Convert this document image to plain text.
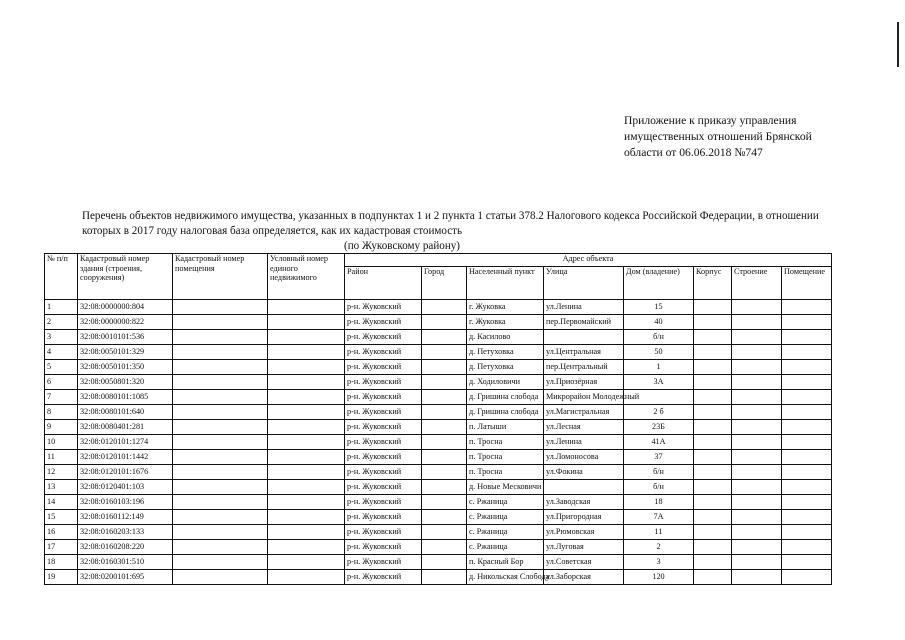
Приложение к приказу управления
имущественных отношений Брянской
области от 06.06.2018 №747
Перечень объектов недвижимого имущества, указанных в подпунктах 1 и 2 пункта 1 статьи 378.2 Налогового кодекса Российской Федерации, в отношении которых в 2017 году налоговая база определяется, как их кадастровая стоимость
(по Жуковскому району)
№ п/п	Кадастровый номер здания (строения, сооружения)	Кадастровый номер помещения	Условный номер единого недвижимого	Адрес объекта							
				Район	Город	Населенный пункт	Улица	Дом (владение)	Корпус	Строение	Помещение
1	32:08:0000000:804			р-н. Жуковский		г. Жуковка	ул.Ленина	15			
2	32:08:0000000:822			р-н. Жуковский		г. Жуковка	пер.Первомайский	40			
3	32:08:0010101:536			р-н. Жуковский		д. Касилово		б/н			
4	32:08:0050101:329			р-н. Жуковский		д. Петуховка	ул.Центральная	50			
5	32:08:0050101:350			р-н. Жуковский		д. Петуховка	пер.Центральный	1			
6	32:08:0050801:320			р-н. Жуковский		д. Ходиловичи	ул.Приозёрная	3А			
7	32:08:0080101:1085			р-н. Жуковский		д. Гришина слобода	Микрорайон Молодежный				
8	32:08:0080101:640			р-н. Жуковский		д. Гришина слобода	ул.Магистральная	2 б			
9	32:08:0080401:281			р-н. Жуковский		п. Латыши	ул.Лесная	23Б			
10	32:08:0120101:1274			р-н. Жуковский		п. Тросна	ул.Ленина	41А			
11	32:08:0120101:1442			р-н. Жуковский		п. Тросна	ул.Ломоносова	37			
12	32:08:0120101:1676			р-н. Жуковский		п. Тросна	ул.Фокина	б/н			
13	32:08:0120401:103			р-н. Жуковский		д. Новые Месковичи		б/н			
14	32:08:0160103:196			р-н. Жуковский		с. Ржаница	ул.Заводская	18			
15	32:08:0160112:149			р-н. Жуковский		с. Ржаница	ул.Пригородная	7А			
16	32:08:0160203:133			р-н. Жуковский		с. Ржаница	ул.Рюмовская	11			
17	32:08:0160208:220			р-н. Жуковский		с. Ржаница	ул.Луговая	2			
18	32:08:0160301:510			р-н. Жуковский		п. Красный Бор	ул.Советская	3			
19	32:08:0200101:695			р-н. Жуковский		д. Никольская Слобода	ул.Заборская	120			
